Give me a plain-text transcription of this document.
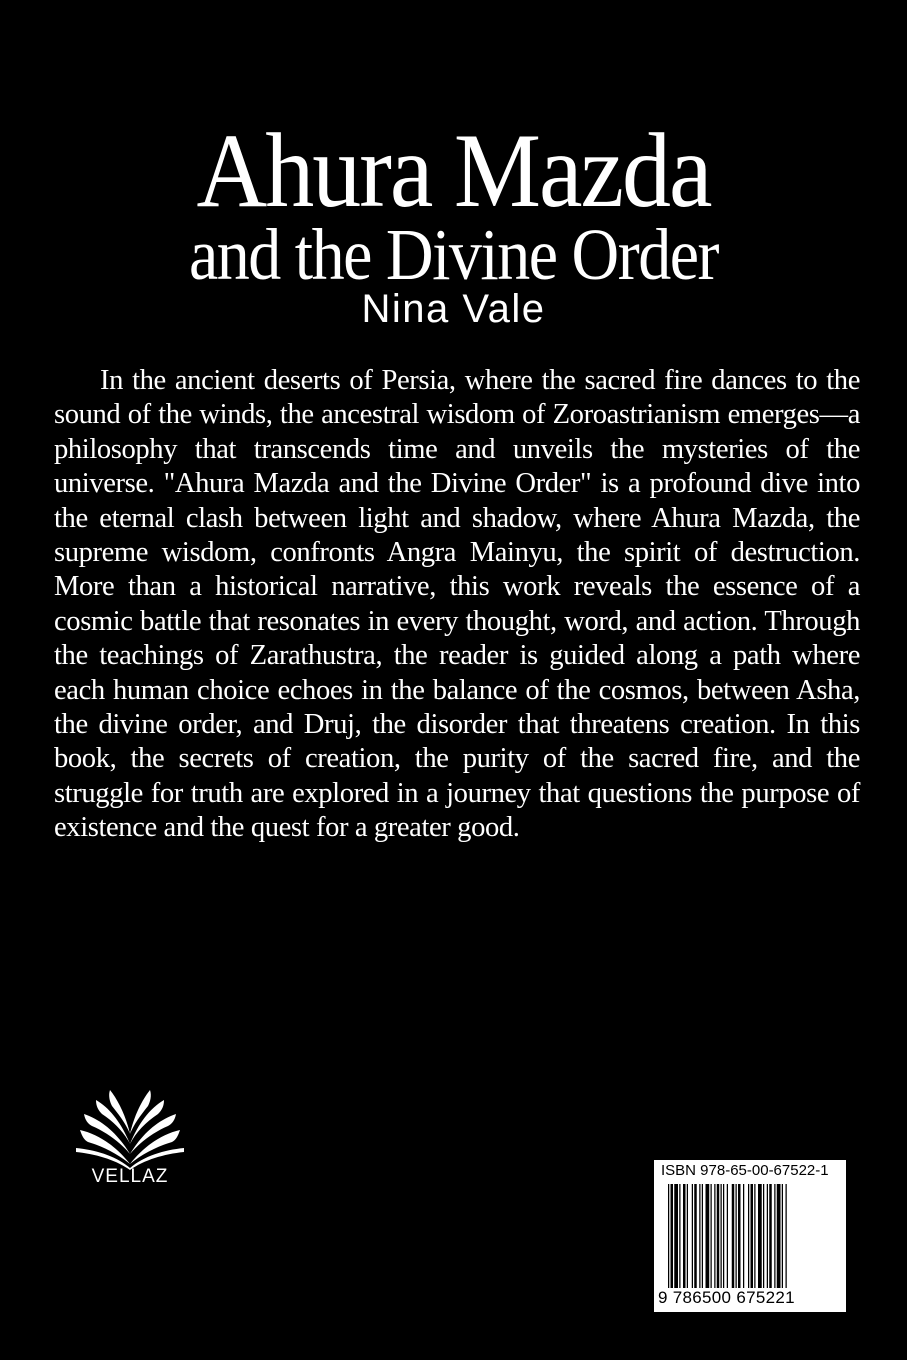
Ahura Mazda
and the Divine Order
Nina Vale

In the ancient deserts of Persia, where the sacred fire dances to the sound of the winds, the ancestral wisdom of Zoroastrianism emerges—a philosophy that transcends time and unveils the mysteries of the universe. "Ahura Mazda and the Divine Order" is a profound dive into the eternal clash between light and shadow, where Ahura Mazda, the supreme wisdom, confronts Angra Mainyu, the spirit of destruction. More than a historical narrative, this work reveals the essence of a cosmic battle that resonates in every thought, word, and action. Through the teachings of Zarathustra, the reader is guided along a path where each human choice echoes in the balance of the cosmos, between Asha, the divine order, and Druj, the disorder that threatens creation. In this book, the secrets of creation, the purity of the sacred fire, and the struggle for truth are explored in a journey that questions the purpose of existence and the quest for a greater good.

VELLAZ	ISBN 978-65-00-67522-1
9 786500 675221
